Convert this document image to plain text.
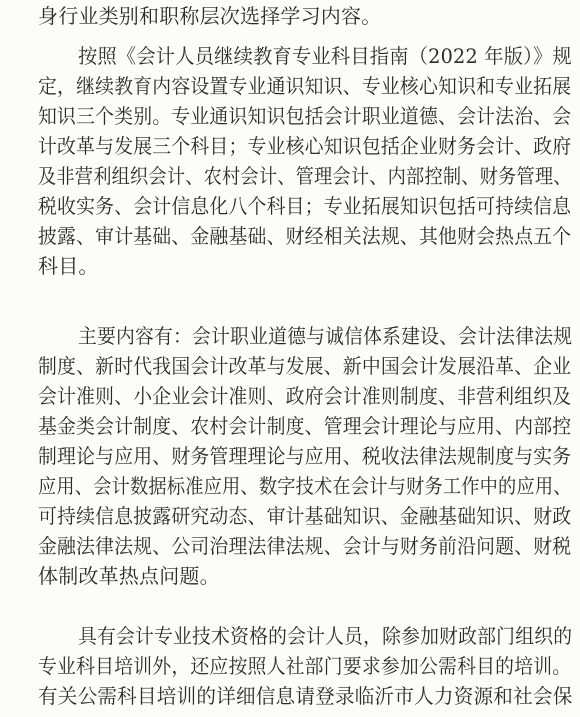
身行业类别和职称层次选择学习内容。
按照《会计人员继续教育专业科目指南（2022 年版）》规
定，继续教育内容设置专业通识知识、专业核心知识和专业拓展
知识三个类别。专业通识知识包括会计职业道德、会计法治、会
计改革与发展三个科目；专业核心知识包括企业财务会计、政府
及非营利组织会计、农村会计、管理会计、内部控制、财务管理、
税收实务、会计信息化八个科目；专业拓展知识包括可持续信息
披露、审计基础、金融基础、财经相关法规、其他财会热点五个
科目。
主要内容有：会计职业道德与诚信体系建设、会计法律法规
制度、新时代我国会计改革与发展、新中国会计发展沿革、企业
会计准则、小企业会计准则、政府会计准则制度、非营利组织及
基金类会计制度、农村会计制度、管理会计理论与应用、内部控
制理论与应用、财务管理理论与应用、税收法律法规制度与实务
应用、会计数据标准应用、数字技术在会计与财务工作中的应用、
可持续信息披露研究动态、审计基础知识、金融基础知识、财政
金融法律法规、公司治理法律法规、会计与财务前沿问题、财税
体制改革热点问题。
具有会计专业技术资格的会计人员，除参加财政部门组织的
专业科目培训外，还应按照人社部门要求参加公需科目的培训。
有关公需科目培训的详细信息请登录临沂市人力资源和社会保
